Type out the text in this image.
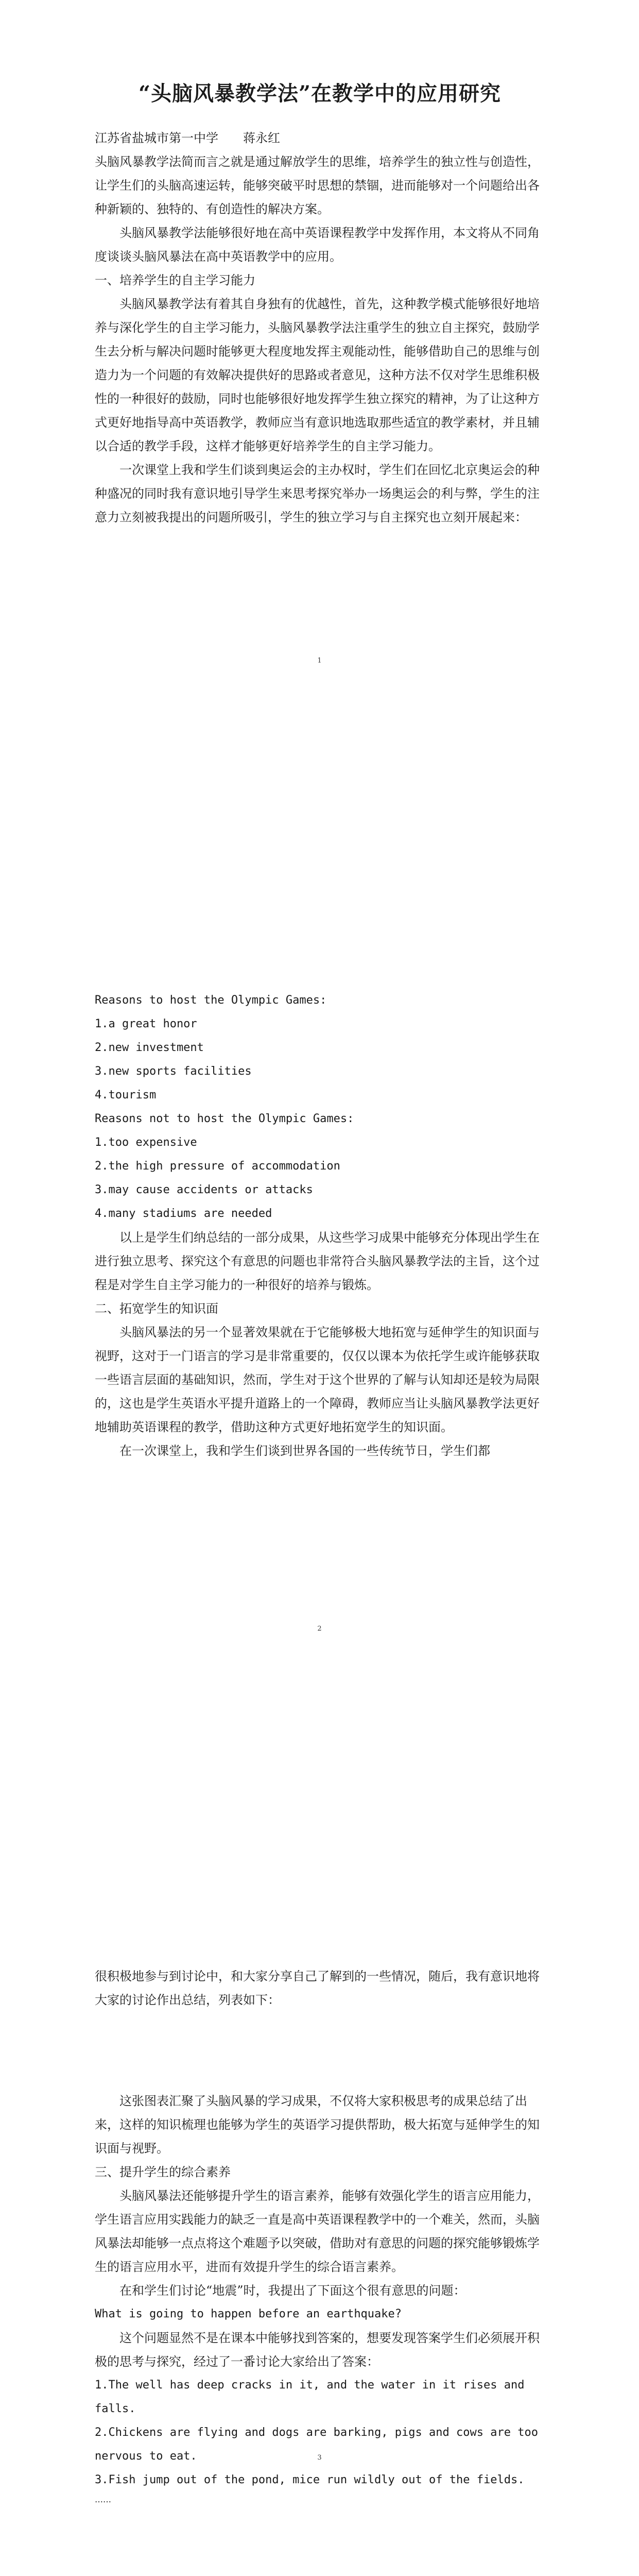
“头脑风暴教学法”在教学中的应用研究

江苏省盐城市第一中学　　蒋永红

头脑风暴教学法简而言之就是通过解放学生的思维，培养学生的独立性与创造性，让学生们的头脑高速运转，能够突破平时思想的禁锢，进而能够对一个问题给出各种新颖的、独特的、有创造性的解决方案。

头脑风暴教学法能够很好地在高中英语课程教学中发挥作用，本文将从不同角度谈谈头脑风暴法在高中英语教学中的应用。

一、培养学生的自主学习能力

头脑风暴教学法有着其自身独有的优越性，首先，这种教学模式能够很好地培养与深化学生的自主学习能力，头脑风暴教学法注重学生的独立自主探究，鼓励学生去分析与解决问题时能够更大程度地发挥主观能动性，能够借助自己的思维与创造力为一个问题的有效解决提供好的思路或者意见，这种方法不仅对学生思维积极性的一种很好的鼓励，同时也能够很好地发挥学生独立探究的精神，为了让这种方式更好地指导高中英语教学，教师应当有意识地选取那些适宜的教学素材，并且辅以合适的教学手段，这样才能够更好培养学生的自主学习能力。

一次课堂上我和学生们谈到奥运会的主办权时，学生们在回忆北京奥运会的种种盛况的同时我有意识地引导学生来思考探究举办一场奥运会的利与弊，学生的注意力立刻被我提出的问题所吸引，学生的独立学习与自主探究也立刻开展起来：

1

Reasons to host the Olympic Games:

1.a great honor

2.new investment

3.new sports facilities

4.tourism

Reasons not to host the Olympic Games:

1.too expensive

2.the high pressure of accommodation

3.may cause accidents or attacks

4.many stadiums are needed

以上是学生们纳总结的一部分成果，从这些学习成果中能够充分体现出学生在进行独立思考、探究这个有意思的问题也非常符合头脑风暴教学法的主旨，这个过程是对学生自主学习能力的一种很好的培养与锻炼。

二、拓宽学生的知识面

头脑风暴法的另一个显著效果就在于它能够极大地拓宽与延伸学生的知识面与视野，这对于一门语言的学习是非常重要的，仅仅以课本为依托学生或许能够获取一些语言层面的基础知识，然而，学生对于这个世界的了解与认知却还是较为局限的，这也是学生英语水平提升道路上的一个障碍，教师应当让头脑风暴教学法更好地辅助英语课程的教学，借助这种方式更好地拓宽学生的知识面。

在一次课堂上，我和学生们谈到世界各国的一些传统节日，学生们都

2

很积极地参与到讨论中，和大家分享自己了解到的一些情况，随后，我有意识地将大家的讨论作出总结，列表如下：

这张图表汇聚了头脑风暴的学习成果，不仅将大家积极思考的成果总结了出来，这样的知识梳理也能够为学生的英语学习提供帮助，极大拓宽与延伸学生的知识面与视野。

三、提升学生的综合素养

头脑风暴法还能够提升学生的语言素养，能够有效强化学生的语言应用能力，学生语言应用实践能力的缺乏一直是高中英语课程教学中的一个难关，然而，头脑风暴法却能够一点点将这个难题予以突破，借助对有意思的问题的探究能够锻炼学生的语言应用水平，进而有效提升学生的综合语言素养。

在和学生们讨论“地震”时，我提出了下面这个很有意思的问题：

What is going to happen before an earthquake?

这个问题显然不是在课本中能够找到答案的，想要发现答案学生们必须展开积极的思考与探究，经过了一番讨论大家给出了答案：

1.The well has deep cracks in it, and the water in it rises and falls.

2.Chickens are flying and dogs are barking, pigs and cows are too nervous to eat.

3.Fish jump out of the pond, mice run wildly out of the fields.

……

3
